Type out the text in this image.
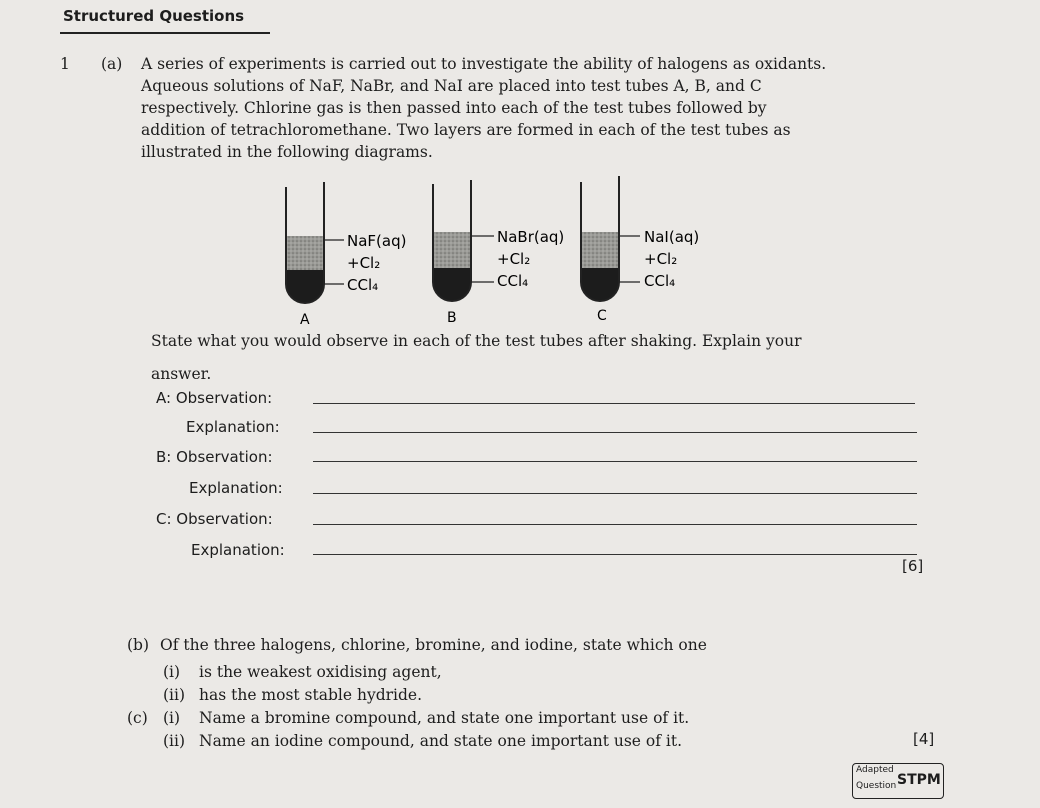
Structured Questions
1 (a) A series of experiments is carried out to investigate the ability of halogens as oxidants.
Aqueous solutions of NaF, NaBr, and NaI are placed into test tubes A, B, and C
respectively. Chlorine gas is then passed into each of the test tubes followed by
addition of tetrachloromethane. Two layers are formed in each of the test tubes as
illustrated in the following diagrams.
NaF(aq)
+Cl₂
CCl₄
A
NaBr(aq)
+Cl₂
CCl₄
B
NaI(aq)
+Cl₂
CCl₄
C
State what you would observe in each of the test tubes after shaking. Explain your
answer.
A: Observation:
Explanation:
B: Observation:
Explanation:
C: Observation:
Explanation:
[6]
(b) Of the three halogens, chlorine, bromine, and iodine, state which one
(i) is the weakest oxidising agent,
(ii) has the most stable hydride.
(c) (i) Name a bromine compound, and state one important use of it.
(ii) Name an iodine compound, and state one important use of it.	[4]
Adapted
Question STPM
